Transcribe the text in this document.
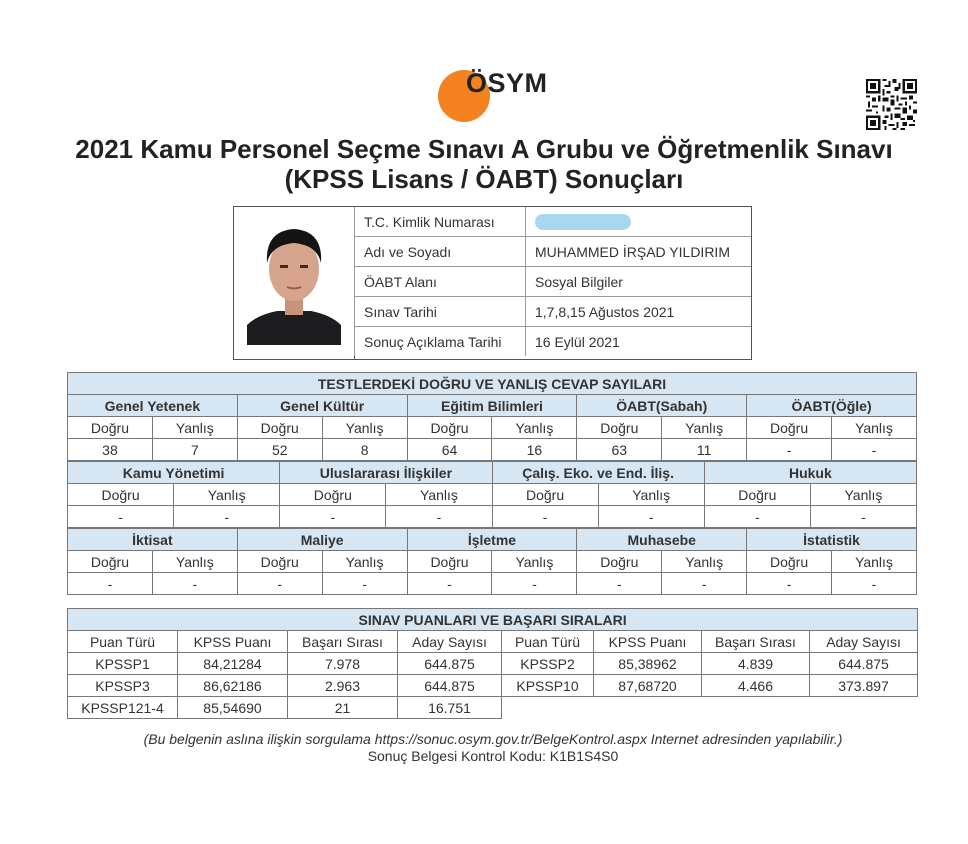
ÖSYM
2021 Kamu Personel Seçme Sınavı A Grubu ve Öğretmenlik Sınavı
(KPSS Lisans / ÖABT) Sonuçları
T.C. Kimlik Numarası	
Adı ve Soyadı	MUHAMMED İRŞAD YILDIRIM
ÖABT Alanı	Sosyal Bilgiler
Sınav Tarihi	1,7,8,15 Ağustos 2021
Sonuç Açıklama Tarihi	16 Eylül 2021
TESTLERDEKİ DOĞRU VE YANLIŞ CEVAP SAYILARI									
Genel Yetenek		Genel Kültür		Eğitim Bilimleri		ÖABT(Sabah)		ÖABT(Öğle)	
Doğru	Yanlış	Doğru	Yanlış	Doğru	Yanlış	Doğru	Yanlış	Doğru	Yanlış
38	7	52	8	64	16	63	11	-	-
Kamu Yönetimi		Uluslararası İlişkiler		Çalış. Eko. ve End. İliş.		Hukuk	
Doğru	Yanlış	Doğru	Yanlış	Doğru	Yanlış	Doğru	Yanlış
-	-	-	-	-	-	-	-
İktisat		Maliye		İşletme		Muhasebe		İstatistik	
Doğru	Yanlış	Doğru	Yanlış	Doğru	Yanlış	Doğru	Yanlış	Doğru	Yanlış
-	-	-	-	-	-	-	-	-	-
SINAV PUANLARI VE BAŞARI SIRALARI							
Puan Türü	KPSS Puanı	Başarı Sırası	Aday Sayısı	Puan Türü	KPSS Puanı	Başarı Sırası	Aday Sayısı
KPSSP1	84,21284	7.978	644.875	KPSSP2	85,38962	4.839	644.875
KPSSP3	86,62186	2.963	644.875	KPSSP10	87,68720	4.466	373.897
KPSSP121-4	85,54690	21	16.751				
(Bu belgenin aslına ilişkin sorgulama https://sonuc.osym.gov.tr/BelgeKontrol.aspx Internet adresinden yapılabilir.)
Sonuç Belgesi Kontrol Kodu: K1B1S4S0
